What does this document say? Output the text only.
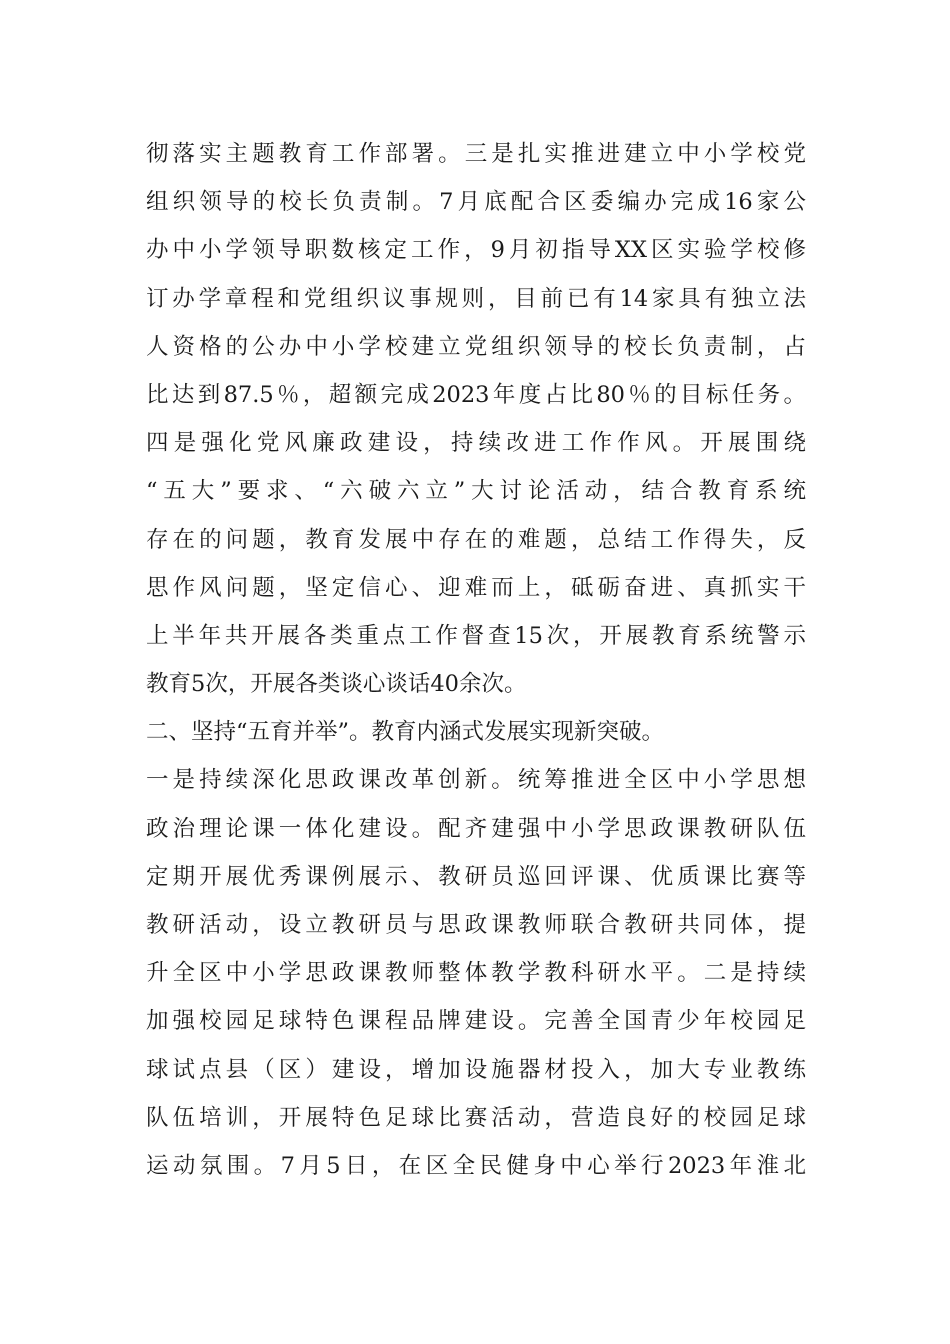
彻落实主题教育工作部署。三是扎实推进建立中小学校党
组织领导的校长负责制。7月底配合区委编办完成16家公
办中小学领导职数核定工作，9月初指导XX区实验学校修
订办学章程和党组织议事规则，目前已有14家具有独立法
人资格的公办中小学校建立党组织领导的校长负责制，占
比达到87.5％，超额完成2023年度占比80％的目标任务。
四是强化党风廉政建设，持续改进工作作风。开展围绕
“五大”要求、“六破六立”大讨论活动，结合教育系统
存在的问题，教育发展中存在的难题，总结工作得失，反
思作风问题，坚定信心、迎难而上，砥砺奋进、真抓实干
上半年共开展各类重点工作督查15次，开展教育系统警示
教育5次，开展各类谈心谈话40余次。
二、坚持“五育并举”。教育内涵式发展实现新突破。
一是持续深化思政课改革创新。统筹推进全区中小学思想
政治理论课一体化建设。配齐建强中小学思政课教研队伍
定期开展优秀课例展示、教研员巡回评课、优质课比赛等
教研活动，设立教研员与思政课教师联合教研共同体，提
升全区中小学思政课教师整体教学教科研水平。二是持续
加强校园足球特色课程品牌建设。完善全国青少年校园足
球试点县（区）建设，增加设施器材投入，加大专业教练
队伍培训，开展特色足球比赛活动，营造良好的校园足球
运动氛围。7月5日，在区全民健身中心举行2023年淮北
